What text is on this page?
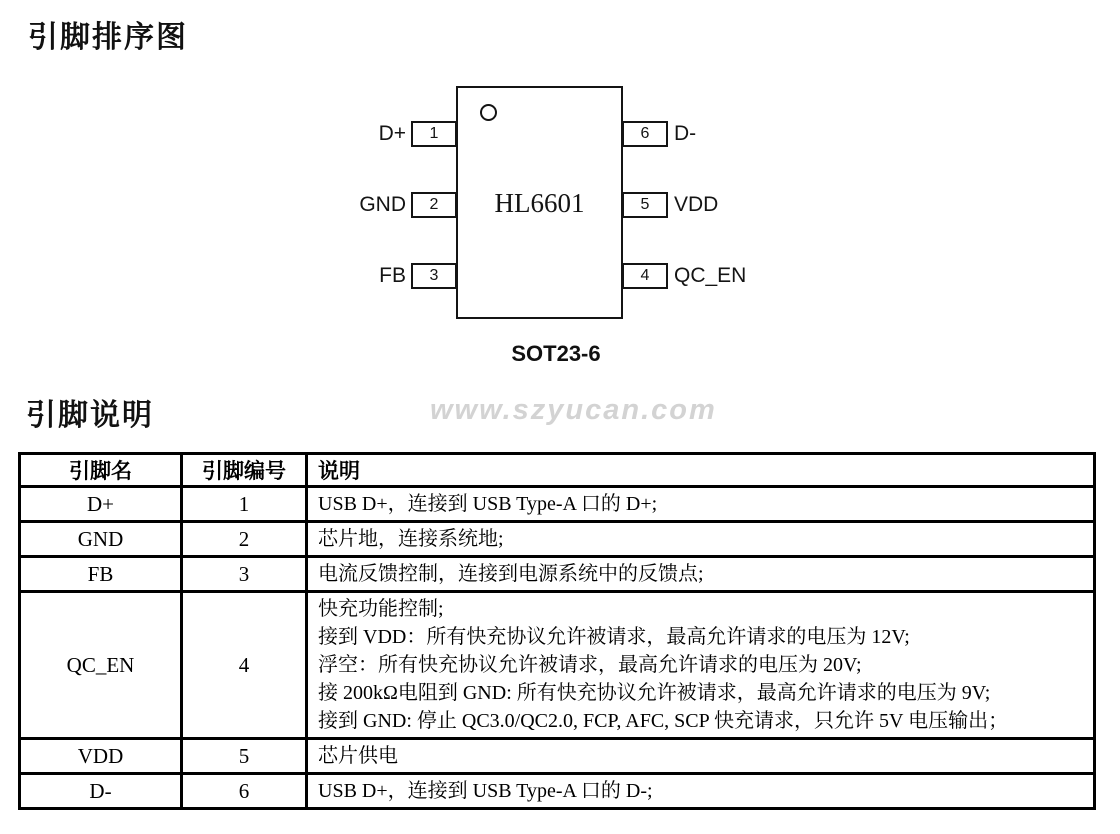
引脚排序图
HL6601
1
2
3
6
5
4
D+
GND
FB
D-
VDD
QC_EN
SOT23-6
引脚说明	www.szyucan.com
引脚名	引脚编号	说明
D+	1	USB D+，连接到 USB Type-A 口的 D+;
GND	2	芯片地，连接系统地;
FB	3	电流反馈控制，连接到电源系统中的反馈点;
QC_EN	4	快充功能控制;
接到 VDD：所有快充协议允许被请求，最高允许请求的电压为 12V;
浮空：所有快充协议允许被请求，最高允许请求的电压为 20V;
接 200kΩ电阻到 GND: 所有快充协议允许被请求，最高允许请求的电压为 9V;
接到 GND: 停止 QC3.0/QC2.0, FCP, AFC, SCP 快充请求，只允许 5V 电压输出；

VDD	5	芯片供电
D-	6	USB D+，连接到 USB Type-A 口的 D-;
